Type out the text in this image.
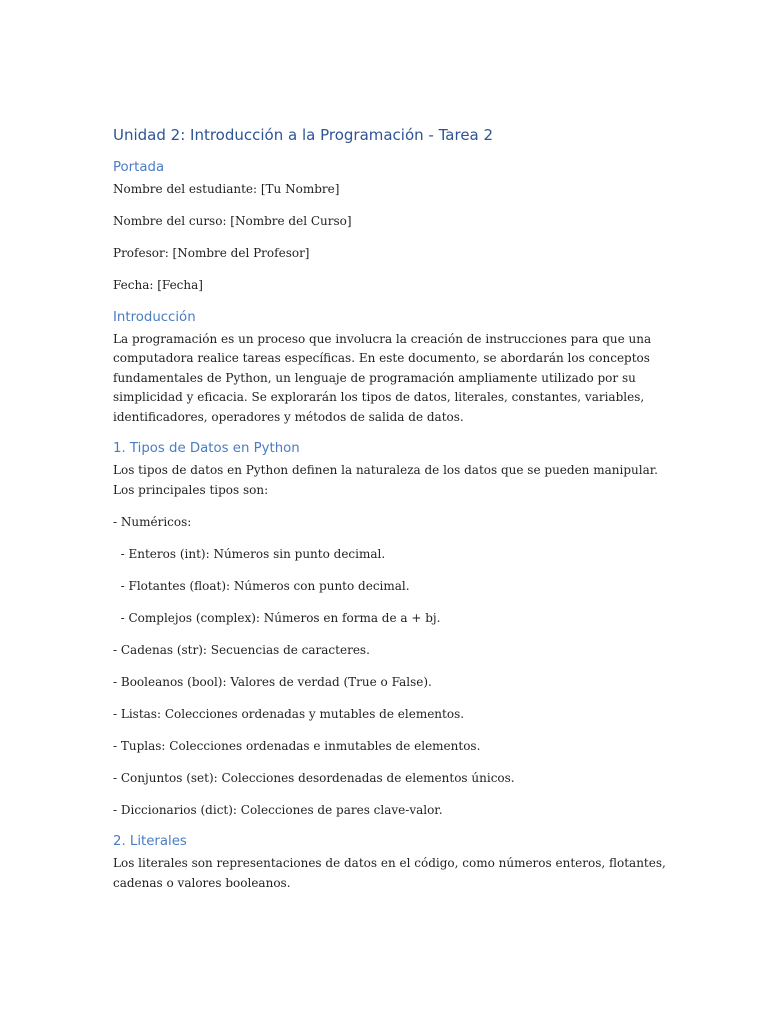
Unidad 2: Introducción a la Programación - Tarea 2
Portada

Nombre del estudiante: [Tu Nombre]

Nombre del curso: [Nombre del Curso]

Profesor: [Nombre del Profesor]

Fecha: [Fecha]

Introducción

La programación es un proceso que involucra la creación de instrucciones para que una

computadora realice tareas específicas. En este documento, se abordarán los conceptos

fundamentales de Python, un lenguaje de programación ampliamente utilizado por su

simplicidad y eficacia. Se explorarán los tipos de datos, literales, constantes, variables,

identificadores, operadores y métodos de salida de datos.

1. Tipos de Datos en Python

Los tipos de datos en Python definen la naturaleza de los datos que se pueden manipular.

Los principales tipos son:

- Numéricos:

- Enteros (int): Números sin punto decimal.

- Flotantes (float): Números con punto decimal.

- Complejos (complex): Números en forma de a + bj.

- Cadenas (str): Secuencias de caracteres.

- Booleanos (bool): Valores de verdad (True o False).

- Listas: Colecciones ordenadas y mutables de elementos.

- Tuplas: Colecciones ordenadas e inmutables de elementos.

- Conjuntos (set): Colecciones desordenadas de elementos únicos.

- Diccionarios (dict): Colecciones de pares clave-valor.

2. Literales

Los literales son representaciones de datos en el código, como números enteros, flotantes,

cadenas o valores booleanos.
